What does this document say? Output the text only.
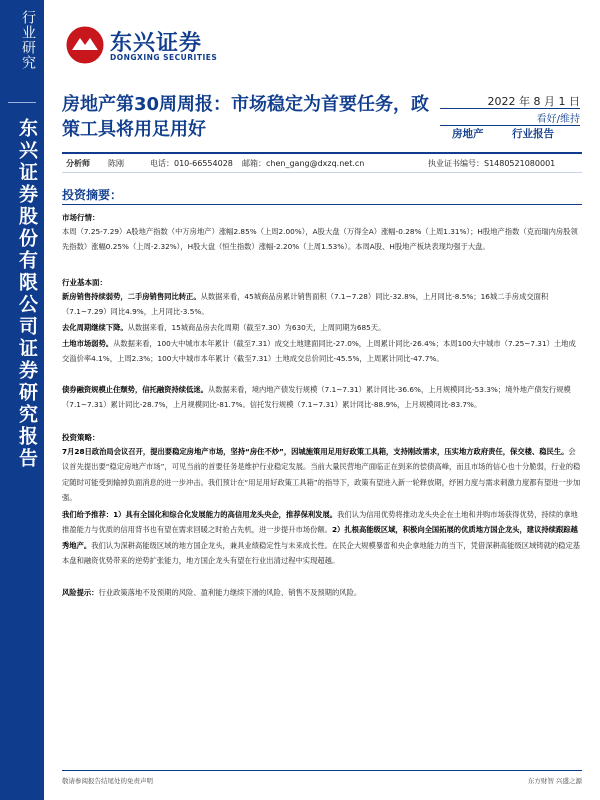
行业研究
东兴证券股份有限公司证券研究报告
东兴证券
DONGXING SECURITIES
房地产第30周周报：市场稳定为首要任务，政策工具将用足用好
2022 年 8 月 1 日
看好/维持
房地产	行业报告
分析师 陈刚	电话：010-66554028 邮箱：chen_gang@dxzq.net.cn	执业证书编号：S1480521080001
投资摘要：
市场行情：
本周（7.25-7.29）A股地产指数（中万房地产）涨幅2.85%（上周2.00%），A股大盘（万得全A）涨幅-0.28%（上周1.31%）；H股地产指数（克而瑞内房股领先指数）涨幅0.25%（上周-2.32%），H股大盘（恒生指数）涨幅-2.20%（上周1.53%）。本周A股、H股地产板块表现均强于大盘。
行业基本面：
新房销售持续弱势，二手房销售同比转正。从数据来看，45城商品房累计销售面积（7.1~7.28）同比-32.8%，上月同比-8.5%；16城二手房成交面积（7.1~7.29）同比4.9%，上月同比-3.5%。
去化周期继续下降。从数据来看，15城商品房去化周期（截至7.30）为630天，上周同期为685天。
土地市场弱势。从数据来看，100大中城市本年累计（截至7.31）成交土地建面同比-27.0%，上周累计同比-26.4%；本周100大中城市（7.25~7.31）土地成交溢价率4.1%，上周2.3%；100大中城市本年累计（截至7.31）土地成交总价同比-45.5%，上周累计同比-47.7%。
债券融资规模止住颓势，信托融资持续低迷。从数据来看，境内地产债发行规模（7.1~7.31）累计同比-36.6%，上月规模同比-53.3%；境外地产债发行规模（7.1~7.31）累计同比-28.7%，上月规模同比-81.7%。信托发行规模（7.1~7.31）累计同比-88.9%，上月规模同比-83.7%。
投资策略：
7月28日政治局会议召开，提出要稳定房地产市场，坚持“房住不炒”，因城施策用足用好政策工具箱，支持刚改需求，压实地方政府责任，保交楼、稳民生。会议首先提出要“稳定房地产市场”，可见当前的首要任务是维护行业稳定发展。当前大量民营地产面临正在到来的偿债高峰，而且市场的信心也十分脆弱，行业的稳定随时可能受到输掉负面消息的进一步冲击。我们预计在“用足用好政策工具箱”的指导下，政策有望进入新一轮释放期，纾困力度与需求刺激力度都有望进一步加强。
我们给予推荐：1）具有全国化和综合化发展能力的高信用龙头央企，推荐保利发展。我们认为信用优势将推动龙头央企在土地和并购市场获得优势，持续的拿地推盈能力与优质的信用背书也有望在需求回暖之时抢占先机，进一步提升市场份额。2）扎根高能级区域，积极向全国拓展的优质地方国企龙头，建议持续跟踪越秀地产。我们认为深耕高能级区域的地方国企龙头，兼具业绩稳定性与未来成长性。在民企大规模暴雷和央企拿地能力的当下，凭借深耕高能级区域铸就的稳定基本盘和融资优势带来的逆势扩张能力，地方国企龙头有望在行业出清过程中实现超越。
风险提示：行业政策落地不及预期的风险、盈利能力继续下滑的风险、销售不及预期的风险。
敬请参阅报告结尾处的免责声明	东方财智 兴盛之源
